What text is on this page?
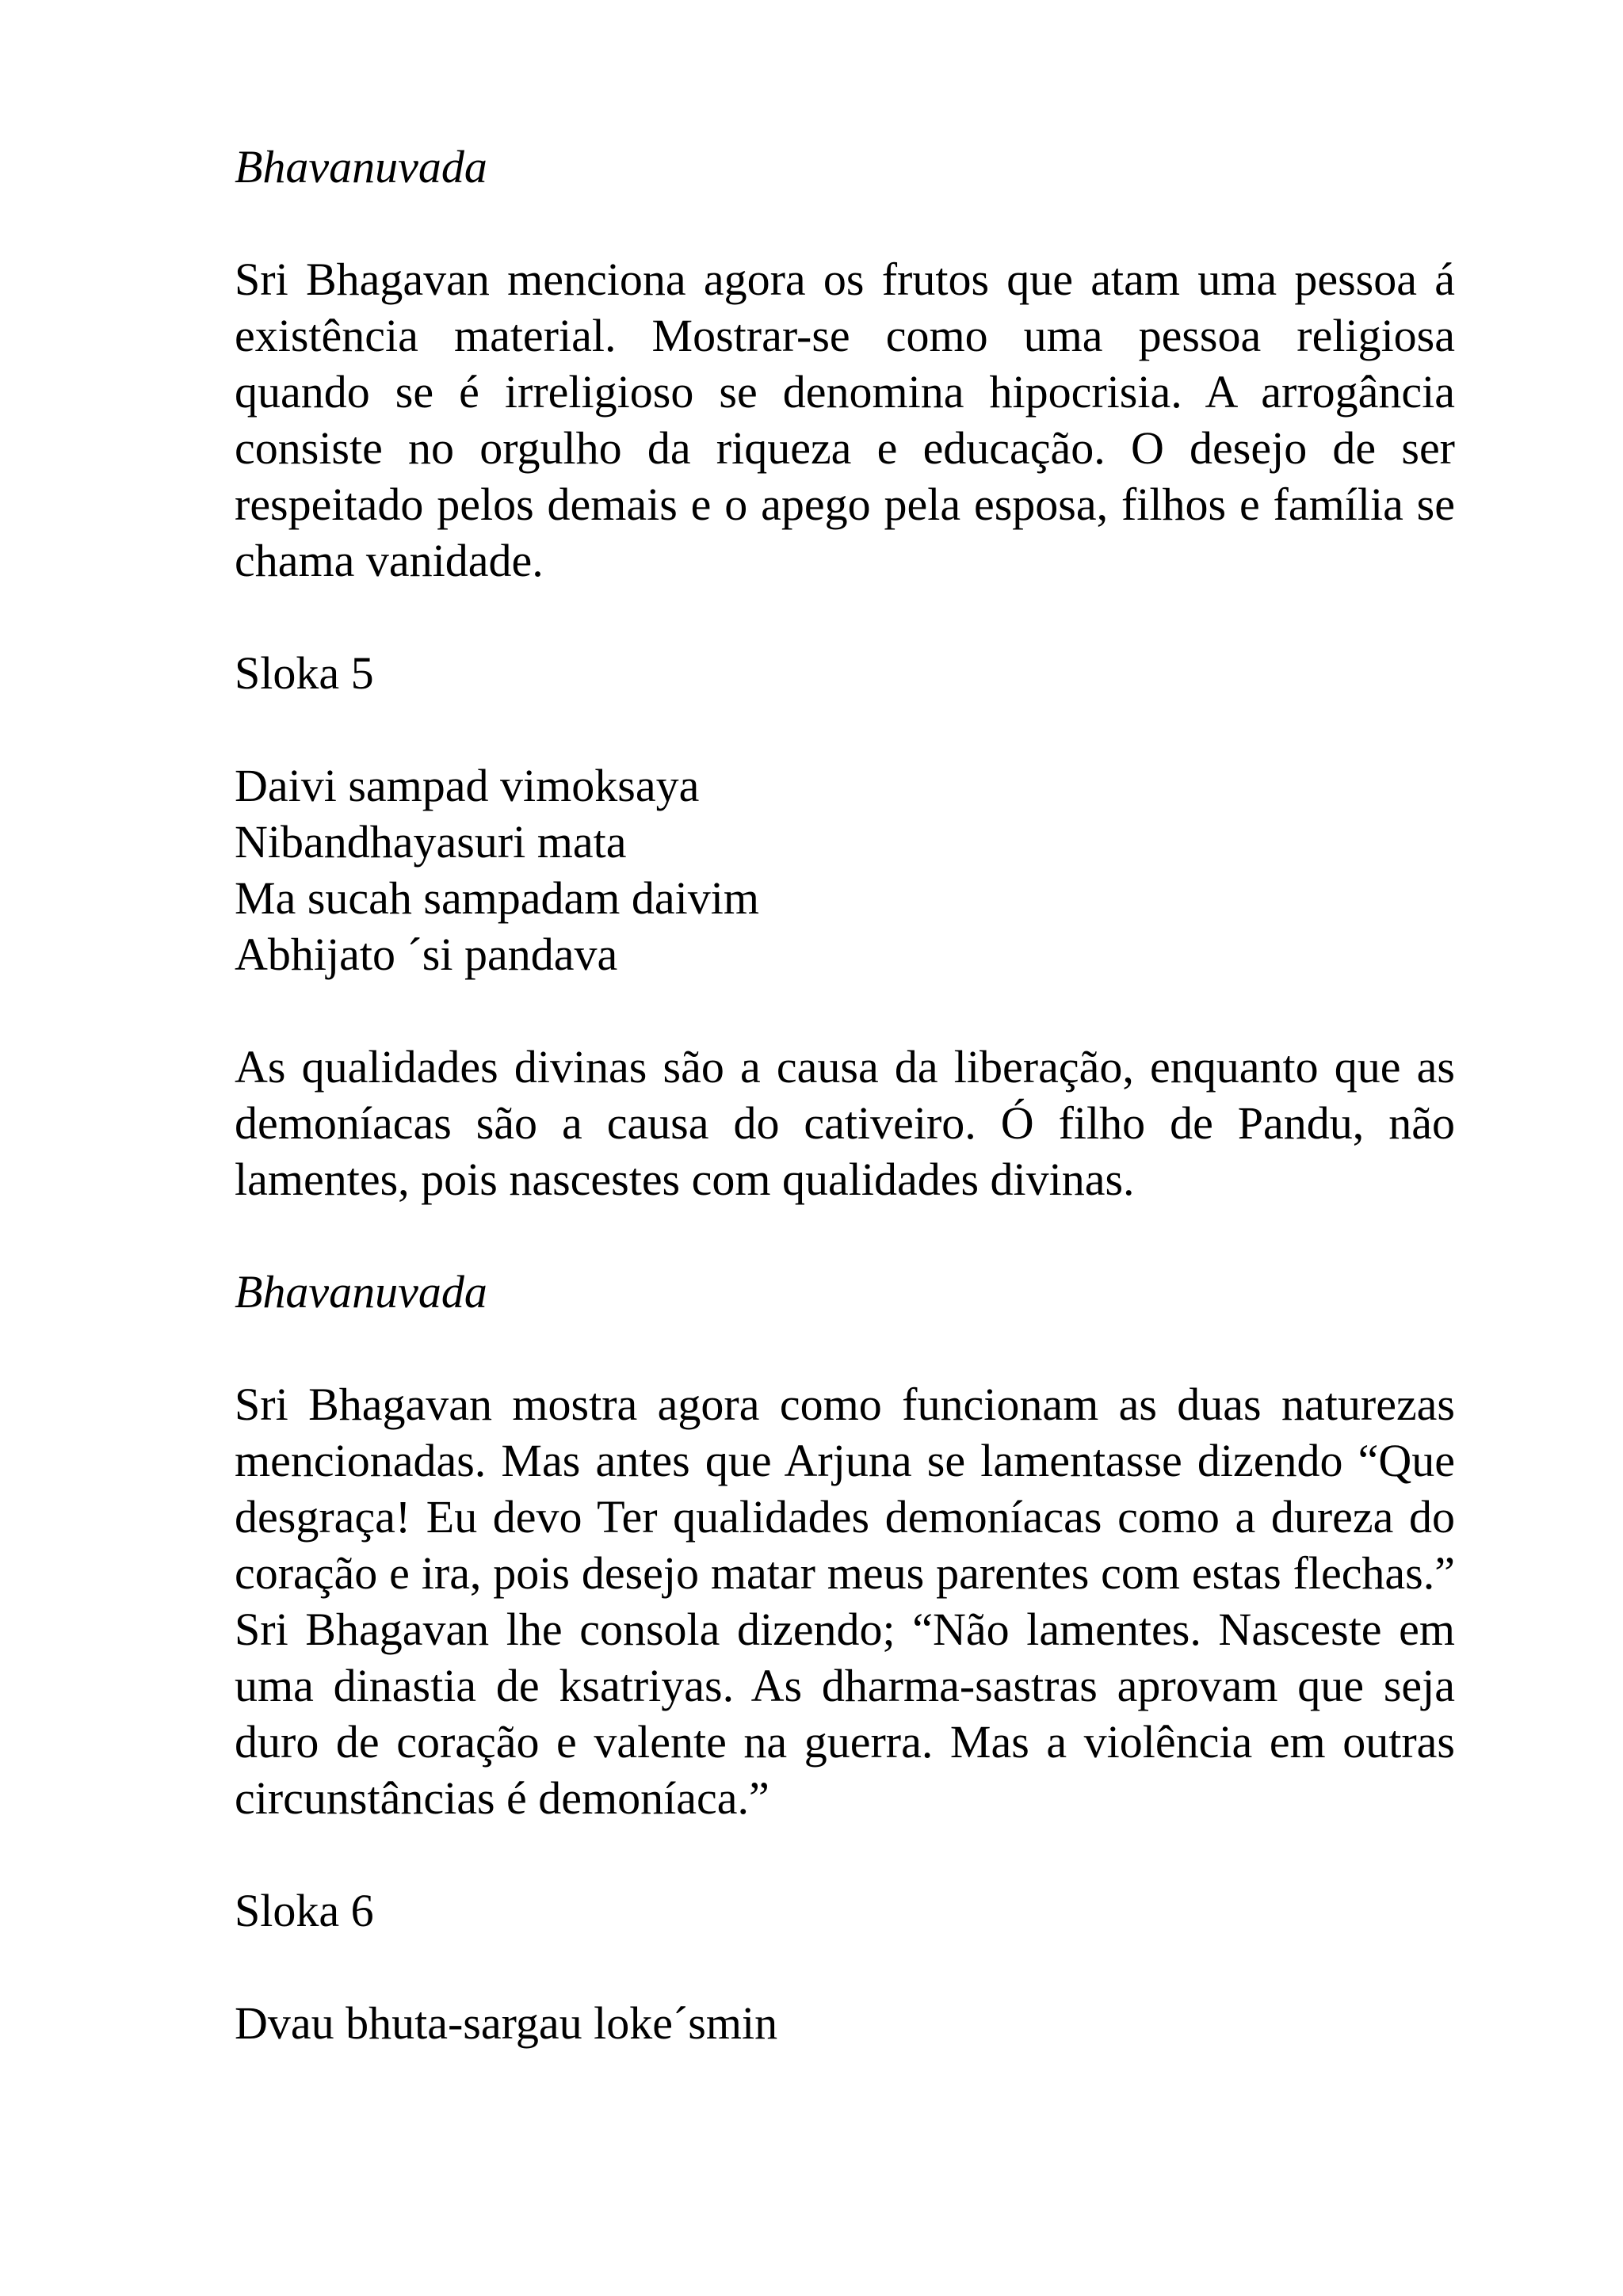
Bhavanuvada

Sri Bhagavan menciona agora os frutos que atam uma pessoa á existência material. Mostrar-se como uma pessoa religiosa quando se é irreligioso se denomina hipocrisia. A arrogância consiste no orgulho da riqueza e educação. O desejo de ser respeitado pelos demais e o apego pela esposa, filhos e família se chama vanidade.

Sloka 5

Daivi sampad vimoksaya
Nibandhayasuri mata
Ma sucah sampadam daivim
Abhijato ´si pandava

As qualidades divinas são a causa da liberação, enquanto que as demoníacas são a causa do cativeiro. Ó filho de Pandu, não lamentes, pois nascestes com qualidades divinas.

Bhavanuvada

Sri Bhagavan mostra agora como funcionam as duas naturezas mencionadas. Mas antes que Arjuna se lamentasse dizendo “Que desgraça! Eu devo Ter qualidades demoníacas como a dureza do coração e ira, pois desejo matar meus parentes com estas flechas.” Sri Bhagavan lhe consola dizendo; “Não lamentes. Nasceste em uma dinastia de ksatriyas. As dharma-sastras aprovam que seja duro de coração e valente na guerra. Mas a violência em outras circunstâncias é demoníaca.”

Sloka 6

Dvau bhuta-sargau loke´smin
